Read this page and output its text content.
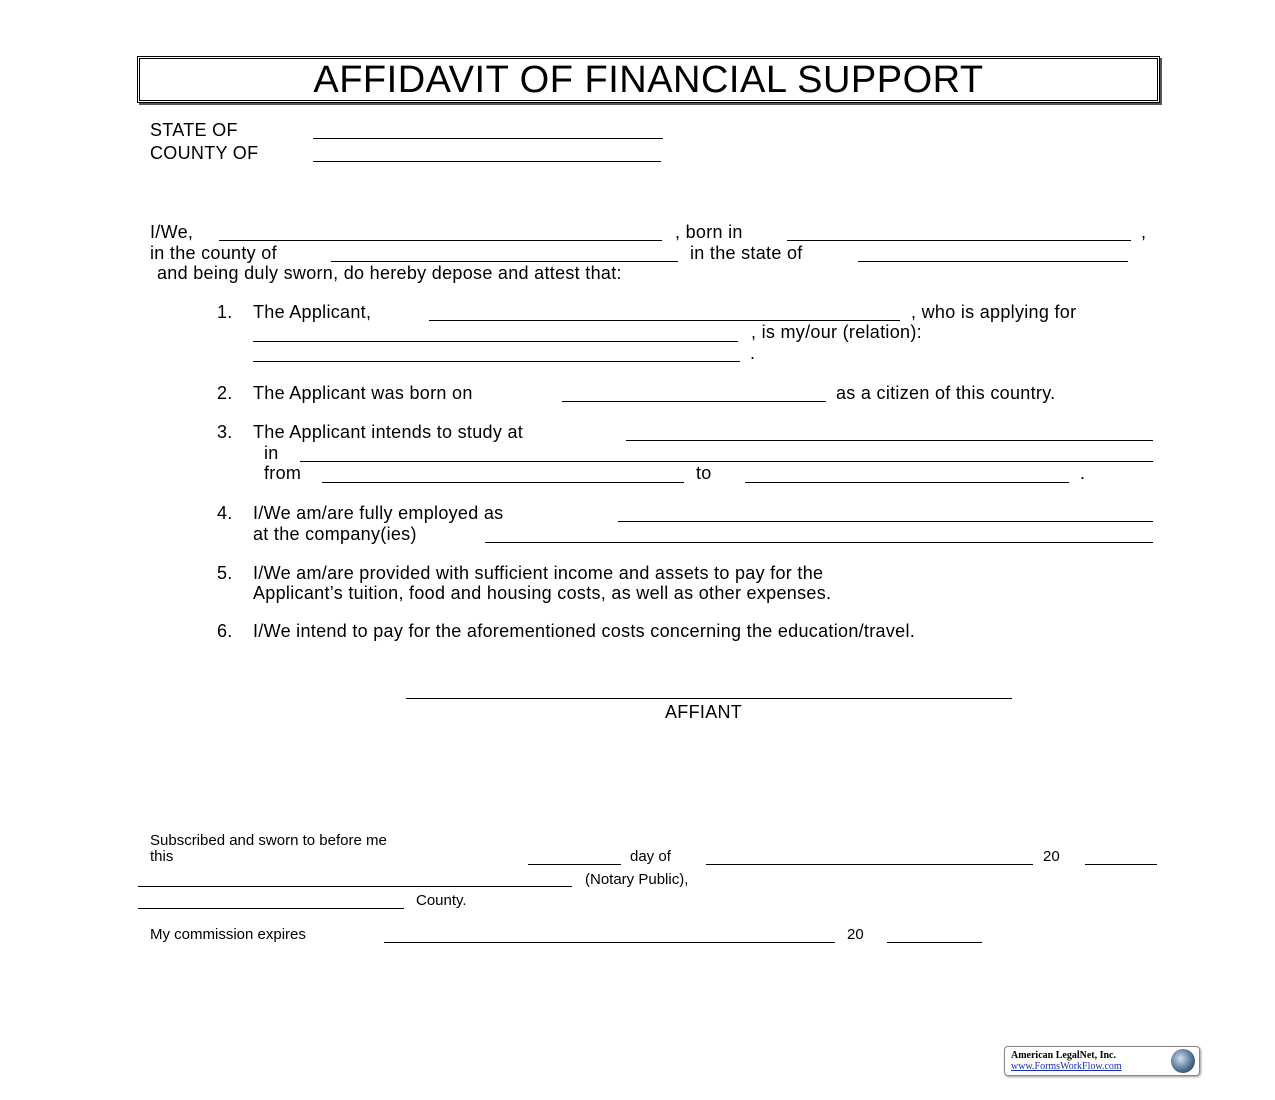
AFFIDAVIT OF FINANCIAL SUPPORT
STATE OF
COUNTY OF
I/We,	, born in	,
in the county of	in the state of
and being duly sworn, do hereby depose and attest that:
1. The Applicant,	, who is applying for
, is my/our (relation):
.
2. The Applicant was born on	as a citizen of this country.
3. The Applicant intends to study at
in
from	to	.
4. I/We am/are fully employed as
at the company(ies)
5. I/We am/are provided with sufficient income and assets to pay for the
Applicant’s tuition, food and housing costs, as well as other expenses.
6. I/We intend to pay for the aforementioned costs concerning the education/travel.
AFFIANT
Subscribed and sworn to before me
this	day of	20
(Notary Public),
County.
My commission expires	20
American LegalNet, Inc.
www.FormsWorkFlow.com
